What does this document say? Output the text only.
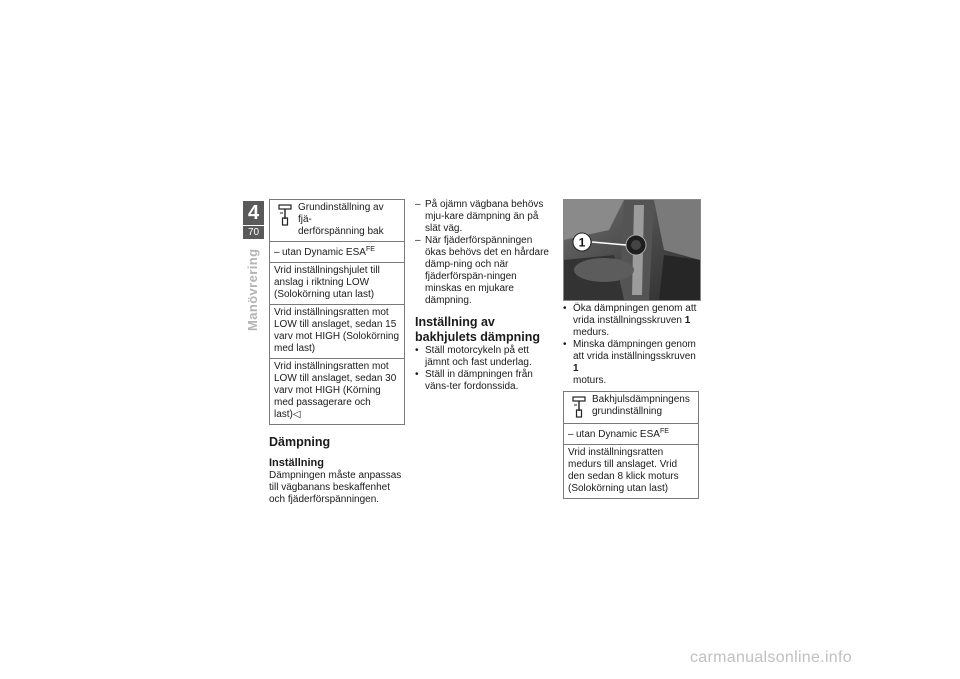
4
70
Manövrering
Grundinställning av fjä-
derförspänning bak
– utan Dynamic $ESA^{FE}$
Vrid inställningshjulet till anslag i riktning LOW (Solokörning utan last)
Vrid inställningsratten mot LOW till anslaget, sedan 15 varv mot HIGH (Solokörning med last)
Vrid inställningsratten mot LOW till anslaget, sedan 30 varv mot HIGH (Körning med passagerare och last)◁
Dämpning
Inställning
Dämpningen måste anpassas till vägbanans beskaffenhet och fjäderförspänningen.
– På ojämn vägbana behövs mju-kare dämpning än på slät väg.
– När fjäderförspänningen ökas behövs det en hårdare dämp-ning och när fjäderförspän-ningen minskas en mjukare dämpning.
Inställning av bakhjulets dämpning
• Ställ motorcykeln på ett jämnt och fast underlag.
• Ställ in dämpningen från väns-ter fordonssida.
1
• Öka dämpningen genom att vrida inställningsskruven 1
medurs.
• Minska dämpningen genom att vrida inställningsskruven 1
moturs.
Bakhjulsdämpningens
grundinställning
– utan Dynamic $ESA^{FE}$
Vrid inställningsratten medurs till anslaget. Vrid den sedan 8 klick moturs (Solokörning utan last)
carmanualsonline.info
